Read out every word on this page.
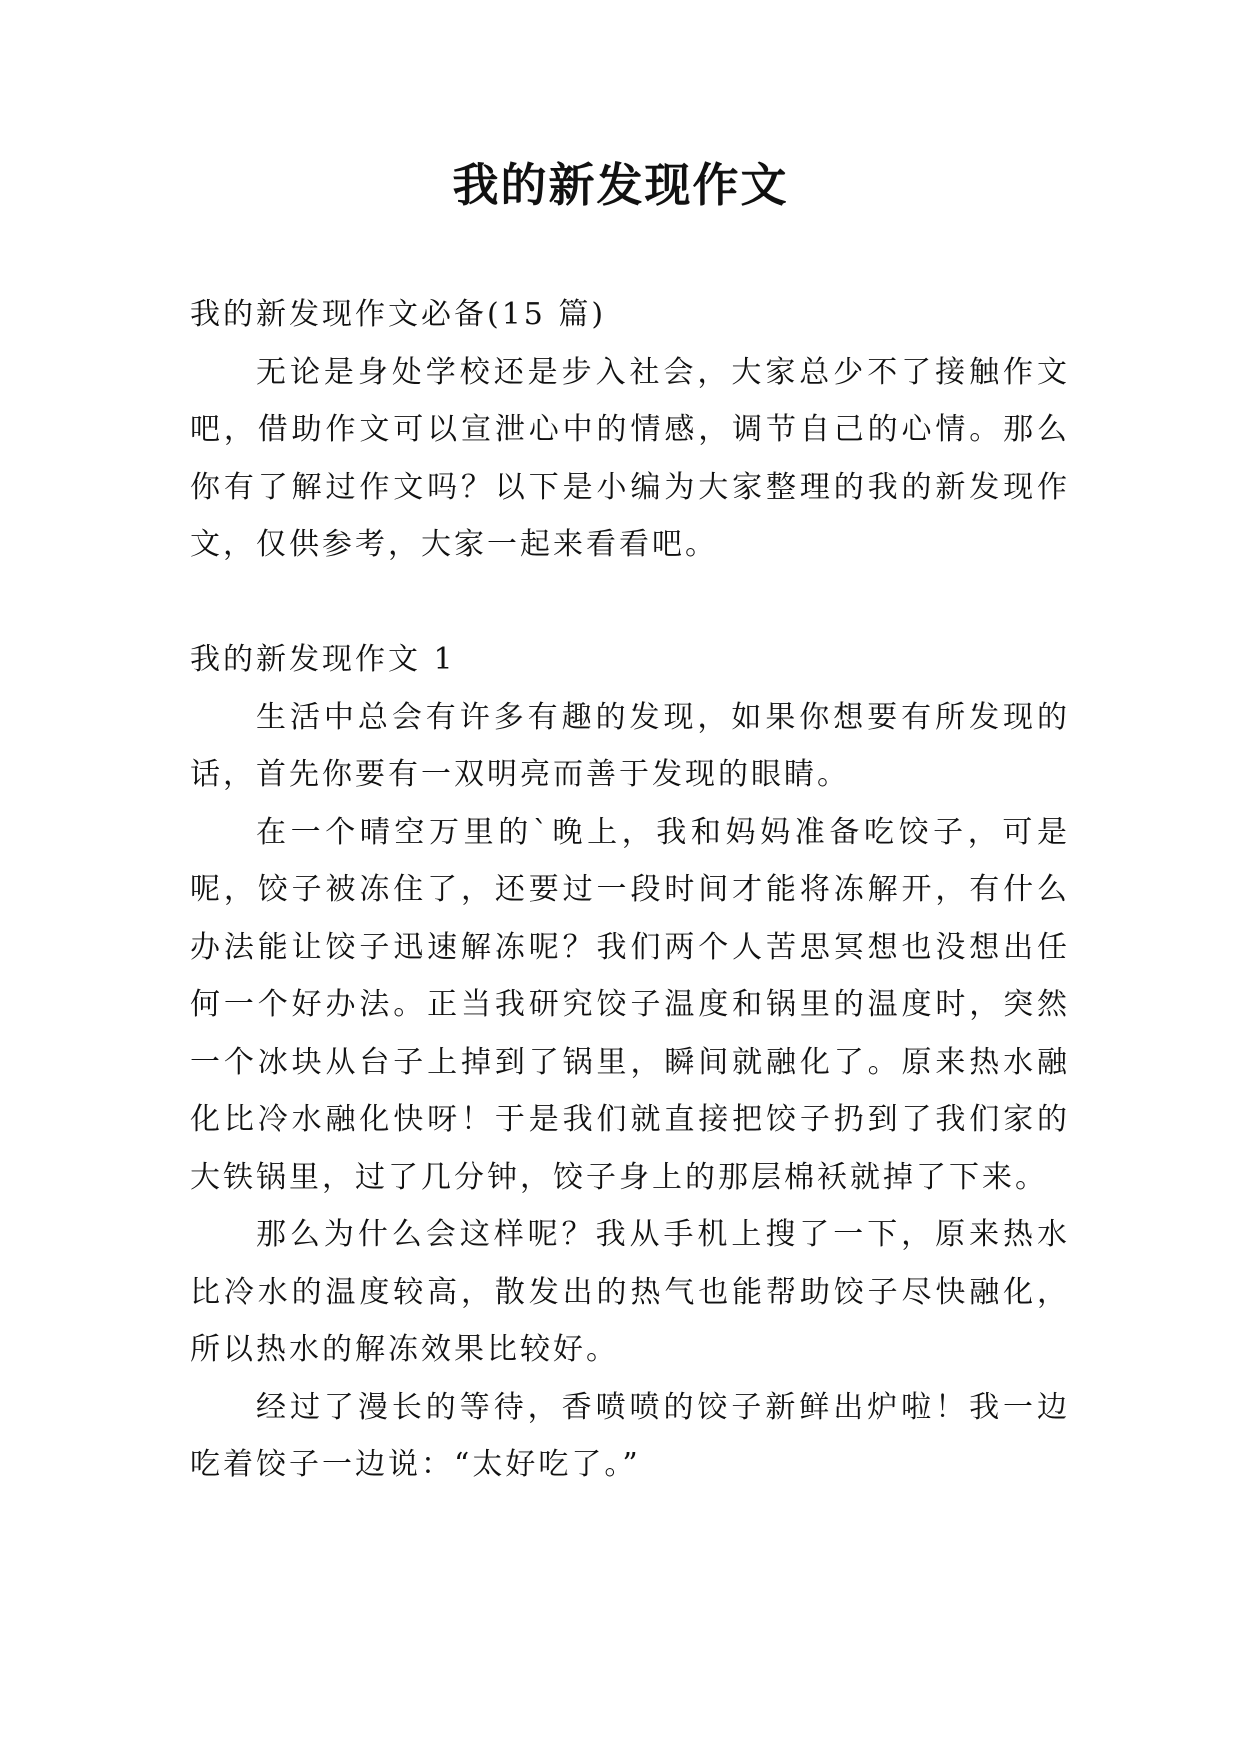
我的新发现作文

我的新发现作文必备(15 篇)

无论是身处学校还是步入社会，大家总少不了接触作文吧，借助作文可以宣泄心中的情感，调节自己的心情。那么你有了解过作文吗？以下是小编为大家整理的我的新发现作文，仅供参考，大家一起来看看吧。

我的新发现作文 1

生活中总会有许多有趣的发现，如果你想要有所发现的话，首先你要有一双明亮而善于发现的眼睛。

在一个晴空万里的`晚上，我和妈妈准备吃饺子，可是呢，饺子被冻住了，还要过一段时间才能将冻解开，有什么办法能让饺子迅速解冻呢？我们两个人苦思冥想也没想出任何一个好办法。正当我研究饺子温度和锅里的温度时，突然一个冰块从台子上掉到了锅里，瞬间就融化了。原来热水融化比冷水融化快呀！于是我们就直接把饺子扔到了我们家的大铁锅里，过了几分钟，饺子身上的那层棉袄就掉了下来。

那么为什么会这样呢？我从手机上搜了一下，原来热水比冷水的温度较高，散发出的热气也能帮助饺子尽快融化，所以热水的解冻效果比较好。

经过了漫长的等待，香喷喷的饺子新鲜出炉啦！我一边吃着饺子一边说：“太好吃了。”
